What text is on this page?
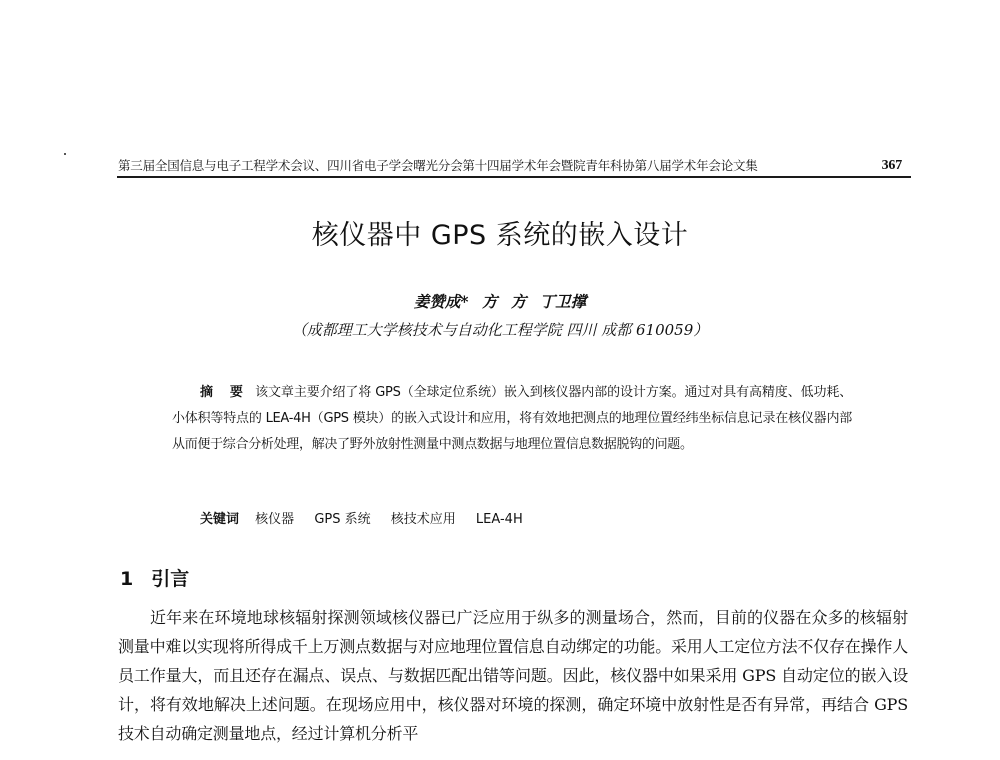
第三届全国信息与电子工程学术会议、四川省电子学会曙光分会第十四届学术年会暨院青年科协第八届学术年会论文集	367
核仪器中 GPS 系统的嵌入设计
姜赞成* 方 方 丁卫撑
（成都理工大学核技术与自动化工程学院 四川 成都 610059）
摘 要 该文章主要介绍了将 GPS（全球定位系统）嵌入到核仪器内部的设计方案。通过对具有高精度、低功耗、小体积等特点的 LEA-4H（GPS 模块）的嵌入式设计和应用，将有效地把测点的地理位置经纬坐标信息记录在核仪器内部从而便于综合分析处理，解决了野外放射性测量中测点数据与地理位置信息数据脱钩的问题。
关键词 核仪器 GPS 系统 核技术应用 LEA-4H
1 引言
近年来在环境地球核辐射探测领域核仪器已广泛应用于纵多的测量场合，然而，目前的仪器在众多的核辐射测量中难以实现将所得成千上万测点数据与对应地理位置信息自动绑定的功能。采用人工定位方法不仅存在操作人员工作量大，而且还存在漏点、误点、与数据匹配出错等问题。因此，核仪器中如果采用 GPS 自动定位的嵌入设计，将有效地解决上述问题。在现场应用中，核仪器对环境的探测，确定环境中放射性是否有异常，再结合 GPS 技术自动确定测量地点，经过计算机分析平
